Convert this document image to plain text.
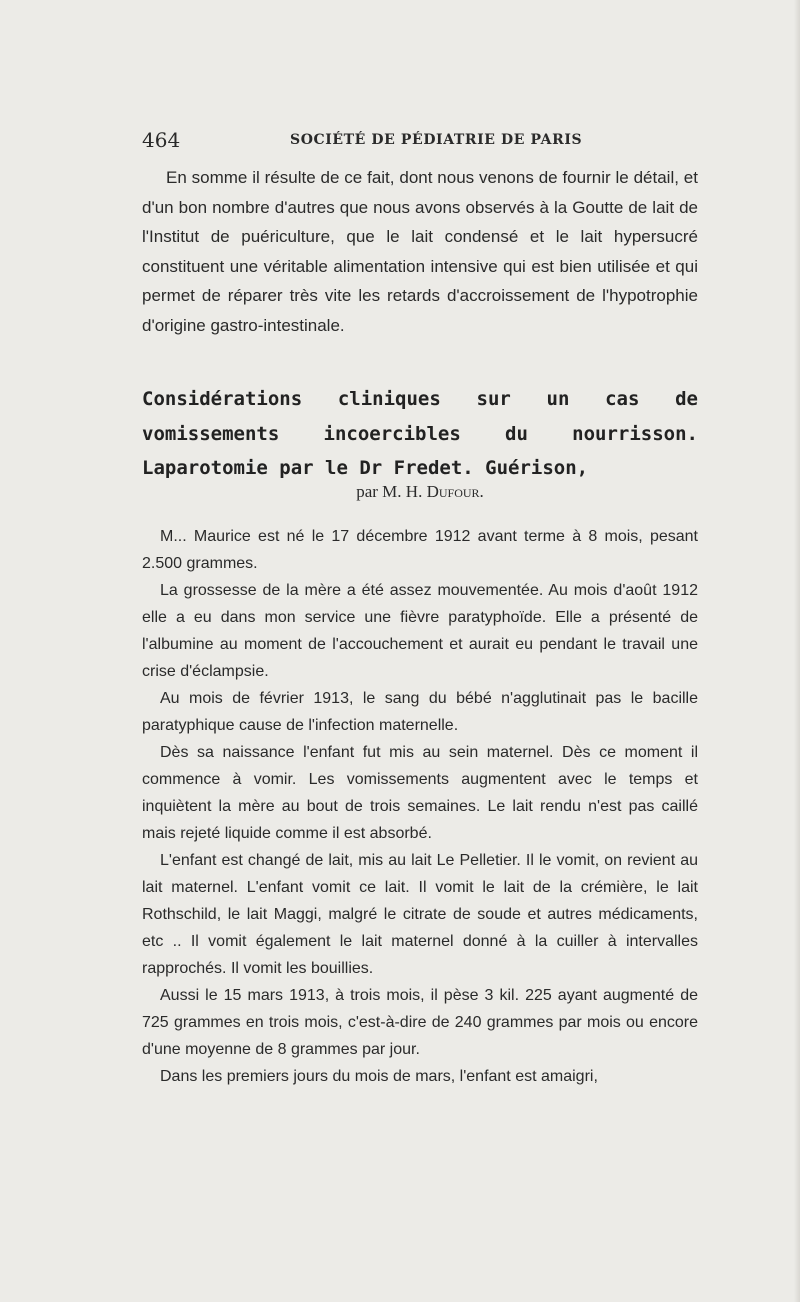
464	SOCIÉTÉ DE PÉDIATRIE DE PARIS

En somme il résulte de ce fait, dont nous venons de fournir le détail, et d'un bon nombre d'autres que nous avons observés à la Goutte de lait de l'Institut de puériculture, que le lait condensé et le lait hypersucré constituent une véritable alimentation intensive qui est bien utilisée et qui permet de réparer très vite les retards d'accroissement de l'hypotrophie d'origine gastro-intestinale.

Considérations cliniques sur un cas de vomissements incoercibles du nourrisson. Laparotomie par le Dr Fredet. Guérison,

par M. H. Dufour.

M... Maurice est né le 17 décembre 1912 avant terme à 8 mois, pesant 2.500 grammes.

La grossesse de la mère a été assez mouvementée. Au mois d'août 1912 elle a eu dans mon service une fièvre paratyphoïde. Elle a présenté de l'albumine au moment de l'accouchement et aurait eu pendant le travail une crise d'éclampsie.

Au mois de février 1913, le sang du bébé n'agglutinait pas le bacille paratyphique cause de l'infection maternelle.

Dès sa naissance l'enfant fut mis au sein maternel. Dès ce moment il commence à vomir. Les vomissements augmentent avec le temps et inquiètent la mère au bout de trois semaines. Le lait rendu n'est pas caillé mais rejeté liquide comme il est absorbé.

L'enfant est changé de lait, mis au lait Le Pelletier. Il le vomit, on revient au lait maternel. L'enfant vomit ce lait. Il vomit le lait de la crémière, le lait Rothschild, le lait Maggi, malgré le citrate de soude et autres médicaments, etc .. Il vomit également le lait maternel donné à la cuiller à intervalles rapprochés. Il vomit les bouillies.

Aussi le 15 mars 1913, à trois mois, il pèse 3 kil. 225 ayant augmenté de 725 grammes en trois mois, c'est-à-dire de 240 grammes par mois ou encore d'une moyenne de 8 grammes par jour.

Dans les premiers jours du mois de mars, l'enfant est amaigri,
